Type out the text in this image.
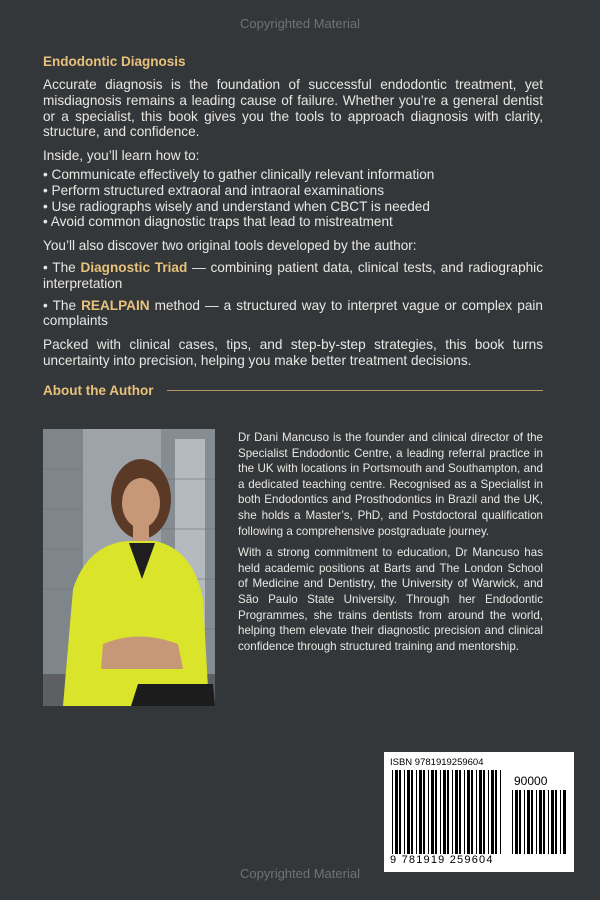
Copyrighted Material
Endodontic Diagnosis

Accurate diagnosis is the foundation of successful endodontic treatment, yet misdiagnosis remains a leading cause of failure. Whether you’re a general dentist or a specialist, this book gives you the tools to approach diagnosis with clarity, structure, and confidence.

Inside, you’ll learn how to:

• Communicate effectively to gather clinically relevant information
• Perform structured extraoral and intraoral examinations
• Use radiographs wisely and understand when CBCT is needed
• Avoid common diagnostic traps that lead to mistreatment

You’ll also discover two original tools developed by the author:

• The Diagnostic Triad — combining patient data, clinical tests, and radiographic interpretation

• The REALPAIN method — a structured way to interpret vague or complex pain complaints

Packed with clinical cases, tips, and step-by-step strategies, this book turns uncertainty into precision, helping you make better treatment decisions.

About the Author

Dr Dani Mancuso is the founder and clinical director of the Specialist Endodontic Centre, a leading referral practice in the UK with locations in Portsmouth and Southampton, and a dedicated teaching centre. Recognised as a Specialist in both Endodontics and Prosthodontics in Brazil and the UK, she holds a Master’s, PhD, and Postdoctoral qualification following a comprehensive postgraduate journey.

With a strong commitment to education, Dr Mancuso has held academic positions at Barts and The London School of Medicine and Dentistry, the University of Warwick, and São Paulo State University. Through her Endodontic Programmes, she trains dentists from around the world, helping them elevate their diagnostic precision and clinical confidence through structured training and mentorship.

ISBN 9781919259604
90000
9 781919 259604
Copyrighted Material
